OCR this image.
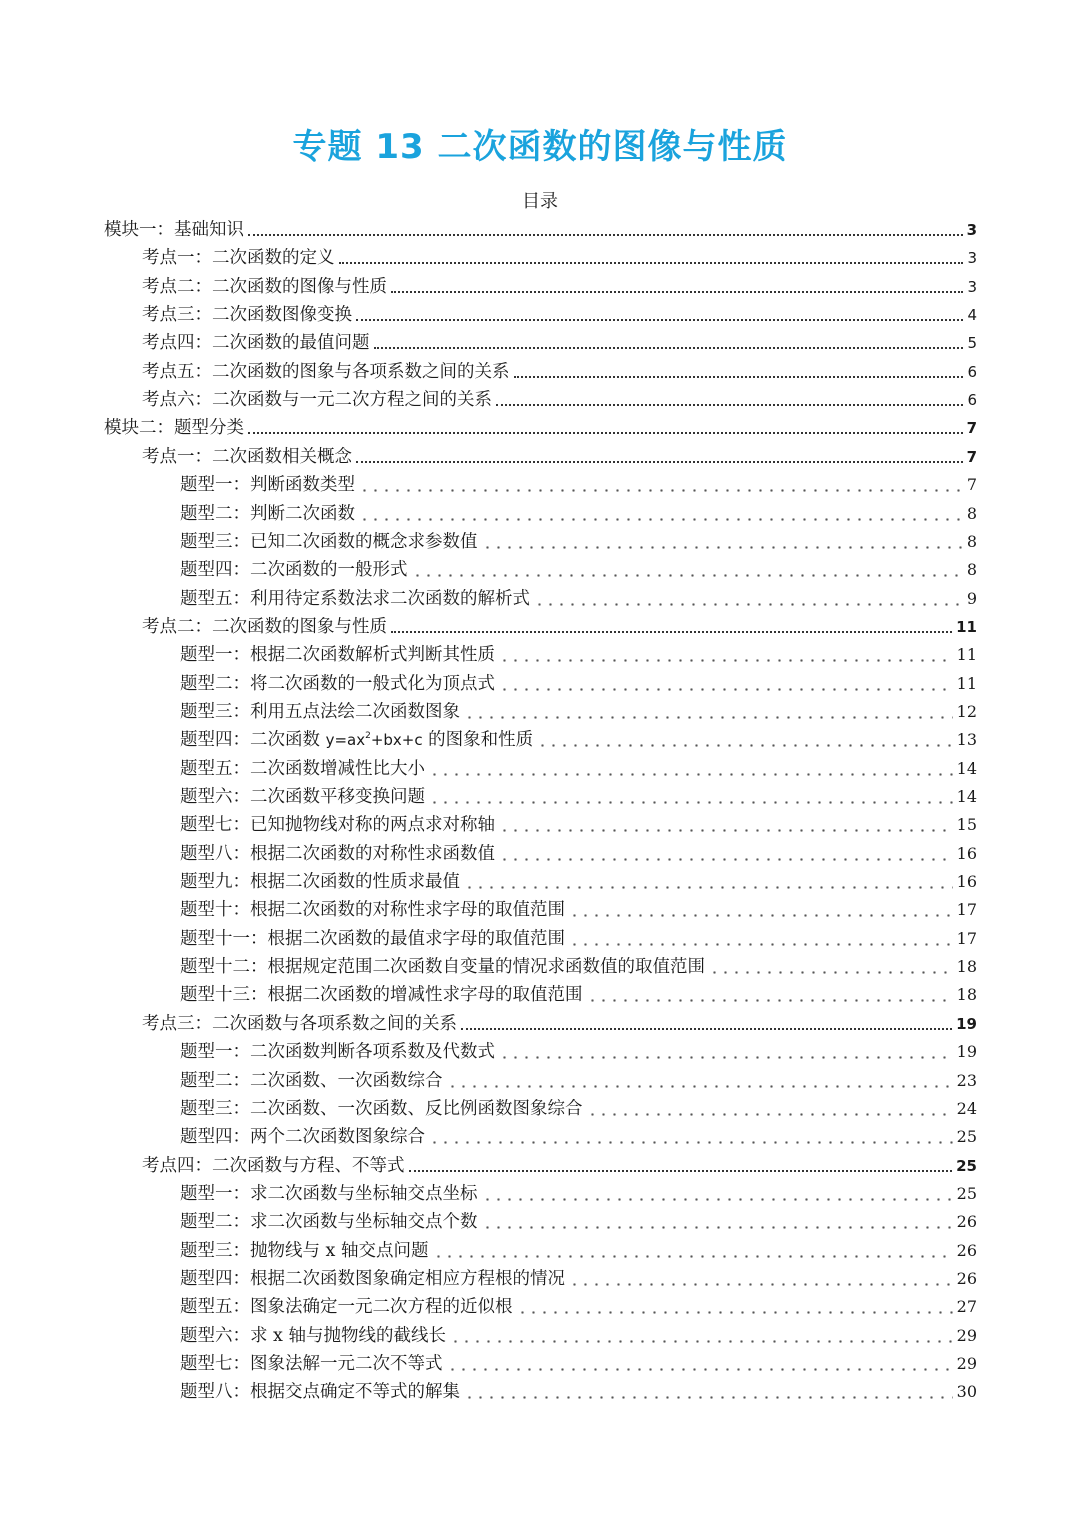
专题 13 二次函数的图像与性质
目录
模块一：基础知识	3
考点一：二次函数的定义	3
考点二：二次函数的图像与性质	3
考点三：二次函数图像变换	4
考点四：二次函数的最值问题	5
考点五：二次函数的图象与各项系数之间的关系	6
考点六：二次函数与一元二次方程之间的关系	6
模块二：题型分类	7
考点一：二次函数相关概念	7
题型一：判断函数类型	7
题型二：判断二次函数	8
题型三：已知二次函数的概念求参数值	8
题型四：二次函数的一般形式	8
题型五：利用待定系数法求二次函数的解析式	9
考点二：二次函数的图象与性质	11
题型一：根据二次函数解析式判断其性质	11
题型二：将二次函数的一般式化为顶点式	11
题型三：利用五点法绘二次函数图象	12
题型四：二次函数 $y=ax^2+bx+c$ 的图象和性质	13
题型五：二次函数增减性比大小	14
题型六：二次函数平移变换问题	14
题型七：已知抛物线对称的两点求对称轴	15
题型八：根据二次函数的对称性求函数值	16
题型九：根据二次函数的性质求最值	16
题型十：根据二次函数的对称性求字母的取值范围	17
题型十一：根据二次函数的最值求字母的取值范围	17
题型十二：根据规定范围二次函数自变量的情况求函数值的取值范围	18
题型十三：根据二次函数的增减性求字母的取值范围	18
考点三：二次函数与各项系数之间的关系	19
题型一：二次函数判断各项系数及代数式	19
题型二：二次函数、一次函数综合	23
题型三：二次函数、一次函数、反比例函数图象综合	24
题型四：两个二次函数图象综合	25
考点四：二次函数与方程、不等式	25
题型一：求二次函数与坐标轴交点坐标	25
题型二：求二次函数与坐标轴交点个数	26
题型三：抛物线与 x 轴交点问题	26
题型四：根据二次函数图象确定相应方程根的情况	26
题型五：图象法确定一元二次方程的近似根	27
题型六：求 x 轴与抛物线的截线长	29
题型七：图象法解一元二次不等式	29
题型八：根据交点确定不等式的解集	30
